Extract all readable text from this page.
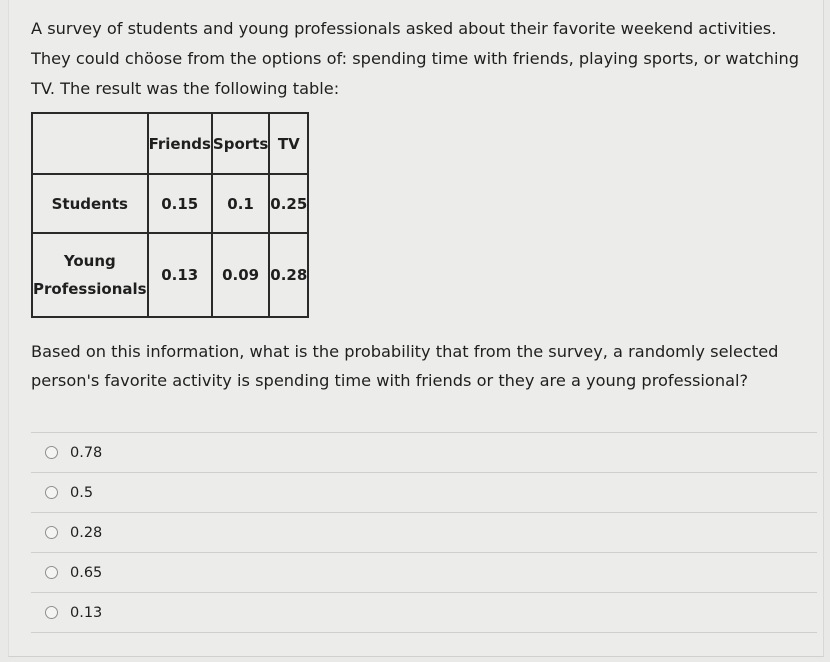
A survey of students and young professionals asked about their favorite weekend activities. They could chöose from the options of: spending time with friends, playing sports, or watching TV. The result was the following table:

	Friends	Sports	TV
Students	0.15	0.1	0.25
Young
Professionals	0.13	0.09	0.28

Based on this information, what is the probability that from the survey, a randomly selected person's favorite activity is spending time with friends or they are a young professional?

0.78
0.5
0.28
0.65
0.13
